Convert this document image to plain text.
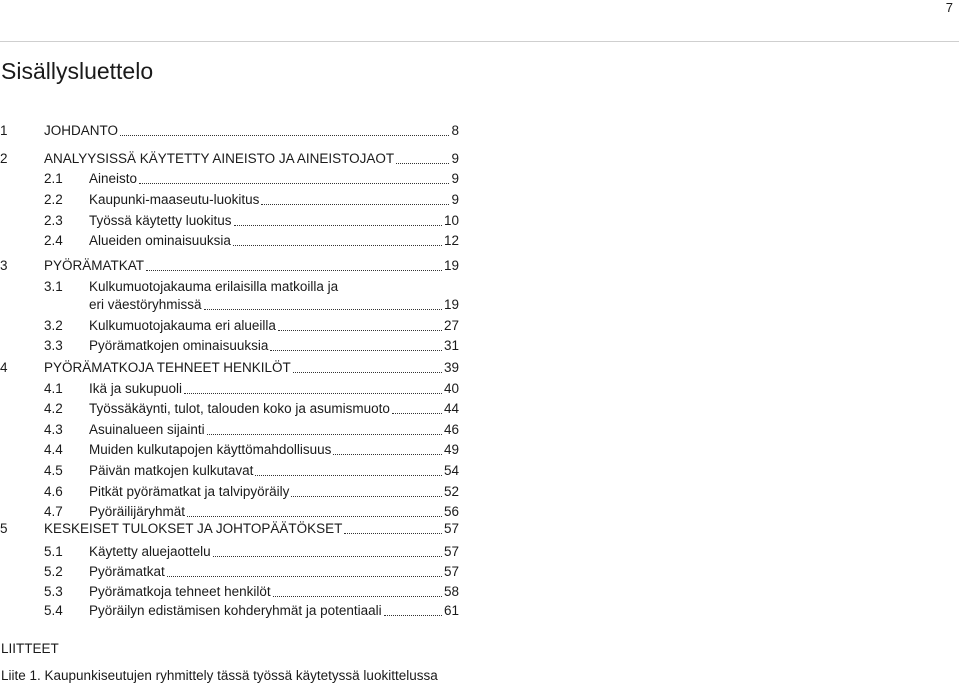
7
Sisällysluettelo
1	JOHDANTO	8
2	ANALYYSISSÄ KÄYTETTY AINEISTO JA AINEISTOJAOT	9
2.1 Aineisto	9
2.2 Kaupunki-maaseutu-luokitus	9
2.3 Työssä käytetty luokitus	10
2.4 Alueiden ominaisuuksia	12
3	PYÖRÄMATKAT	19
3.1 Kulkumuotojakauma erilaisilla matkoilla ja
eri väestöryhmissä	19
3.2 Kulkumuotojakauma eri alueilla	27
3.3 Pyörämatkojen ominaisuuksia	31
4	PYÖRÄMATKOJA TEHNEET HENKILÖT	39
4.1 Ikä ja sukupuoli	40
4.2 Työssäkäynti, tulot, talouden koko ja asumismuoto	44
4.3 Asuinalueen sijainti	46
4.4 Muiden kulkutapojen käyttömahdollisuus	49
4.5 Päivän matkojen kulkutavat	54
4.6 Pitkät pyörämatkat ja talvipyöräily	52
4.7 Pyöräilijäryhmät	56
5	KESKEISET TULOKSET JA JOHTOPÄÄTÖKSET	57
5.1 Käytetty aluejaottelu	57
5.2 Pyörämatkat	57
5.3 Pyörämatkoja tehneet henkilöt	58
5.4 Pyöräilyn edistämisen kohderyhmät ja potentiaali	61
LIITTEET
Liite 1. Kaupunkiseutujen ryhmittely tässä työssä käytetyssä luokittelussa
